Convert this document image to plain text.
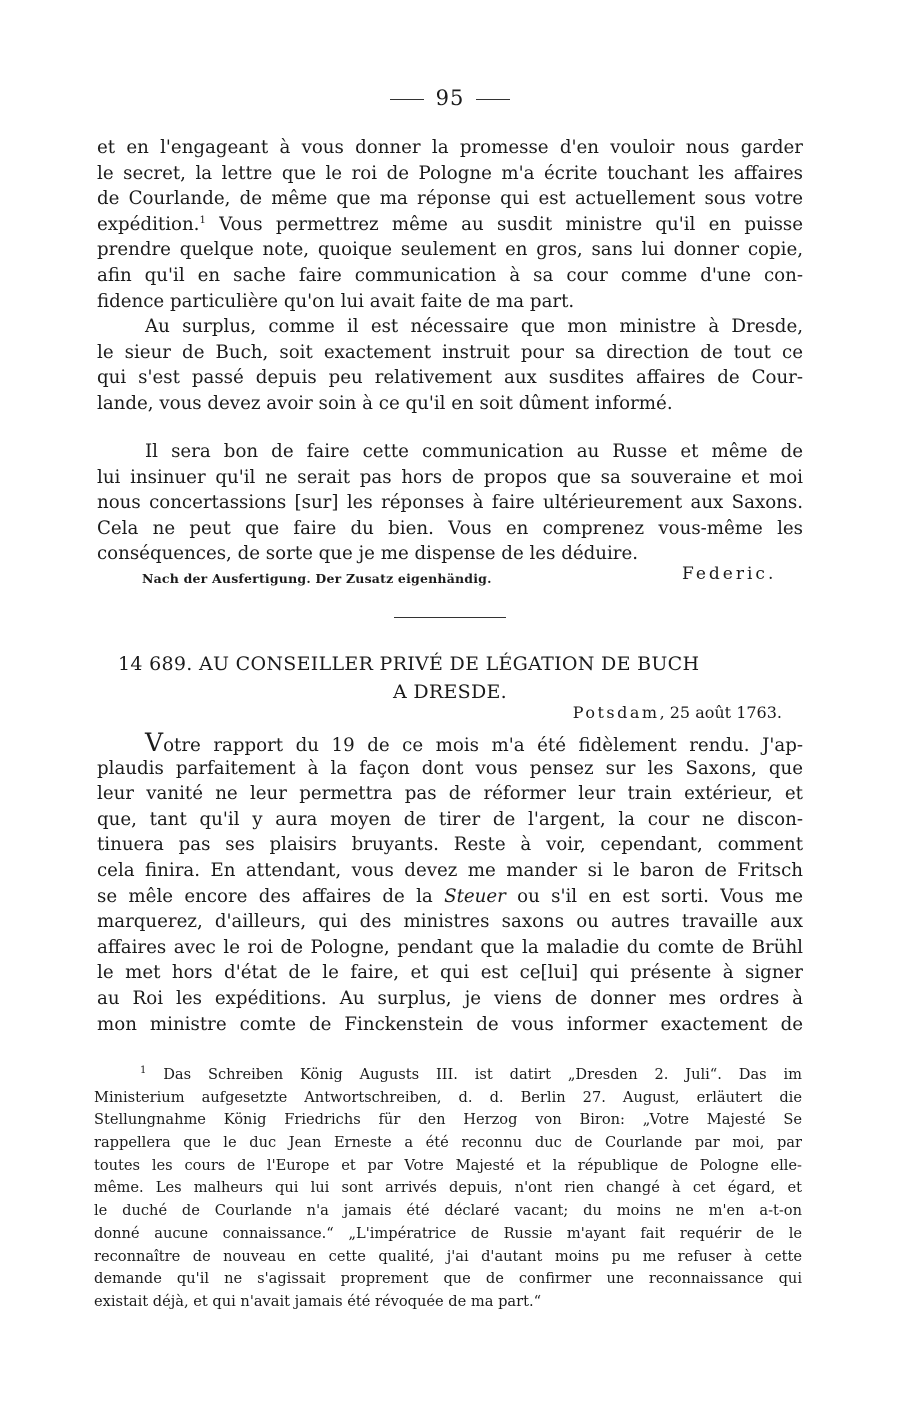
95
et en l'engageant à vous donner la promesse d'en vouloir nous garder
le secret, la lettre que le roi de Pologne m'a écrite touchant les affaires
de Courlande, de même que ma réponse qui est actuellement sous votre
expédition.$^1$ Vous permettrez même au susdit ministre qu'il en puisse
prendre quelque note, quoique seulement en gros, sans lui donner copie,
afin qu'il en sache faire communication à sa cour comme d'une con-
fidence particulière qu'on lui avait faite de ma part.
Au surplus, comme il est nécessaire que mon ministre à Dresde,
le sieur de Buch, soit exactement instruit pour sa direction de tout ce
qui s'est passé depuis peu relativement aux susdites affaires de Cour-
lande, vous devez avoir soin à ce qu'il en soit dûment informé.
Il sera bon de faire cette communication au Russe et même de
lui insinuer qu'il ne serait pas hors de propos que sa souveraine et moi
nous concertassions [sur] les réponses à faire ultérieurement aux Saxons.
Cela ne peut que faire du bien. Vous en comprenez vous-même les
conséquences, de sorte que je me dispense de les déduire.
Nach der Ausfertigung. Der Zusatz eigenhändig.	Federic.
14 689. AU CONSEILLER PRIVÉ DE LÉGATION DE BUCH
A DRESDE.
Potsdam, 25 août 1763.
Votre rapport du 19 de ce mois m'a été fidèlement rendu. J'ap-
plaudis parfaitement à la façon dont vous pensez sur les Saxons, que
leur vanité ne leur permettra pas de réformer leur train extérieur, et
que, tant qu'il y aura moyen de tirer de l'argent, la cour ne discon-
tinuera pas ses plaisirs bruyants. Reste à voir, cependant, comment
cela finira. En attendant, vous devez me mander si le baron de Fritsch
se mêle encore des affaires de la Steuer ou s'il en est sorti. Vous me
marquerez, d'ailleurs, qui des ministres saxons ou autres travaille aux
affaires avec le roi de Pologne, pendant que la maladie du comte de Brühl
le met hors d'état de le faire, et qui est ce[lui] qui présente à signer
au Roi les expéditions. Au surplus, je viens de donner mes ordres à
mon ministre comte de Finckenstein de vous informer exactement de
$^1$ Das Schreiben König Augusts III. ist datirt „Dresden 2. Juli“. Das im
Ministerium aufgesetzte Antwortschreiben, d. d. Berlin 27. August, erläutert die
Stellungnahme König Friedrichs für den Herzog von Biron: „Votre Majesté Se
rappellera que le duc Jean Erneste a été reconnu duc de Courlande par moi, par
toutes les cours de l'Europe et par Votre Majesté et la république de Pologne elle-
même. Les malheurs qui lui sont arrivés depuis, n'ont rien changé à cet égard, et
le duché de Courlande n'a jamais été déclaré vacant; du moins ne m'en a-t-on
donné aucune connaissance.“ „L'impératrice de Russie m'ayant fait requérir de le
reconnaître de nouveau en cette qualité, j'ai d'autant moins pu me refuser à cette
demande qu'il ne s'agissait proprement que de confirmer une reconnaissance qui
existait déjà, et qui n'avait jamais été révoquée de ma part.“
